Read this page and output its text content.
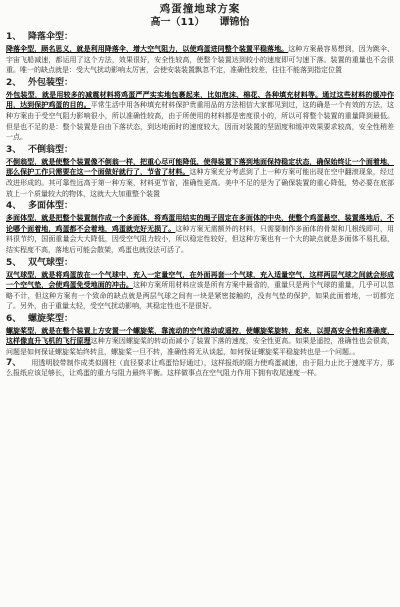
鸡蛋撞地球方案
高一（11） 谭锦怡
1、 降落伞型：

降落伞型，顾名思义，就是利用降落伞，增大空气阻力，以使鸡蛋进同整个装置平稳落地。这种方案最容易想到，因为跳伞、宇宙飞船减速，都运用了这个方法，效果很好，安全性较高，使整个装置达到较小的速度即可匀速下落。装置的重量也不会很重。唯一的缺点就是：受大气扰动影响太厉害，会使安装装置飘忽不定，准确性较差，往往不能落到指定位置

2、 外包装型：

外包装型，就是用较多的减震材料将鸡蛋严严实实地包裹起来，比如泡沫、棉花、各种填充材料等。通过这些材料的缓冲作用，达到保护鸡蛋的目的。平常生活中用各种填充材料保护贵重用品的方法相信大家都见到过，这的确是一个有效的方法，这种方案由于受空气阻力影响很小，所以准确性较高，由于所使用的材料都是密度很小的，所以可将整个装置的重量降到最低。但是也不足的是：整个装置是自由下落状态，到达地面时的速度较大，因而对装置的坚固度和缓冲效果要求较高，安全性稍差一点。

3、 不倒翁型：

不倒翁型，就是使整个装置像不倒翁一样，把重心尽可能降低，使得装置下落到地面保持稳定状态，确保始终让一个面着地，那么保护工作只需要在这一个面做好就行了，节省了材料。这种方案充分考虑到了上一种方案可能出现在空中翻滚现象，经过改进形成的。其可靠性远高于第一种方案，材料更节省，准确性更高。美中不足的是为了确保装置的重心降低，势必要在底部放上一个质量较大的物体，这就大大加重整个装置

4、 多面体型：

多面体型，就是把整个装置制作成一个多面体，将鸡蛋用结实的绳子固定在多面体的中央，使整个鸡蛋悬空，装置落地后，不论哪个面着地，鸡蛋都不会着地，鸡蛋就完好无损了。这种方案无需额外的材料，只需要制作多面体的骨架和几根线即可，用料很节约，国面重量会大大降低，因受空气阻力较小，所以稳定性较好，但这种方案也有一个大的缺点就是多面体不易扎稳，结实程度不高，落地后可能会散架，鸡蛋也就没法可活了。

5、 双气球型：

双气球型，就是将鸡蛋放在一个气球中，充入一定量空气，在外面再套一个气球，充入适量空气，这样两层气球之间就会形成一个空气垫，会使鸡蛋免受地面的冲击。这种方案所用材料应该是所有方案中最省的，重量只是两个气球的重量，几乎可以忽略不计，但这种方案有一个致命的缺点就是两层气球之间有一块是紧密接触的，没有气垫的保护，如果此面着地，一切都完了。另外，由于重量太轻，受空气扰动影响，其稳定性也不是很好。

6、 螺旋桨型：

螺旋桨型，就是在整个装置上方安置一个螺旋桨，靠流动的空气推动或遥控，使螺旋桨旋转，起来，以提高安全性和准确度，这样像直升飞机的飞行原理这种方案因螺旋桨的转动而减小了装置下落的速度，安全性更高。如果是遥控，准确性也会很高，问题是如何保证螺旋桨始终转且，螺旋桨一旦不转，准确性将无从谈起，如何保证螺旋桨平稳旋转也是一个问题。。

7、 用透明胶带制作成类似圆柱（直径要求让鸡蛋恰好通过），这样报纸的阻力使鸡蛋减速，由于阻力止比于速度平方，那么报纸应该足够长，让鸡蛋的重力与阻力最终平衡。这样做事点在空气阻力作用下拥有收尾速度一样。
